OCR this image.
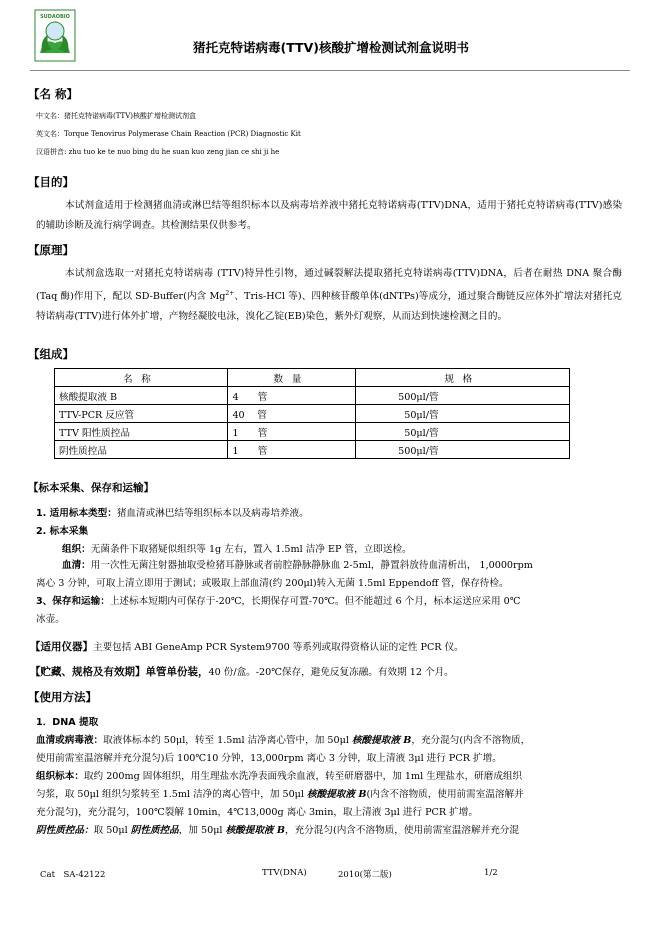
SUDAOBIO
猪托克特诺病毒(TTV)核酸扩增检测试剂盒说明书
【名 称】
中文名：猪托克特诺病毒(TTV)核酸扩增检测试剂盒
英文名：Torque Tenovirus Polymerase Chain Reaction (PCR) Diagnostic Kit
汉语拼音: zhu tuo ke te nuo bing du he suan kuo zeng jian ce shi ji he
【目的】
本试剂盒适用于检测猪血清或淋巴结等组织标本以及病毒培养液中猪托克特诺病毒(TTV)DNA，适用于猪托克特诺病毒(TTV)感染的辅助诊断及流行病学调查。其检测结果仅供参考。
【原理】
本试剂盒选取一对猪托克特诺病毒 (TTV)特异性引物，通过碱裂解法提取猪托克特诺病毒(TTV)DNA，后者在耐热 DNA 聚合酶(Taq 酶)作用下，配以 SD-Buffer(内含 $Mg^{2+}$、Tris-HCl 等)、四种核苷酸单体(dNTPs)等成分，通过聚合酶链反应体外扩增法对猪托克特诺病毒(TTV)进行体外扩增，产物经凝胶电泳，溴化乙锭(EB)染色，紫外灯观察，从而达到快速检测之目的。
【组成】
名称	数量	规格
核酸提取液 B	4　　管	500μl/管
TTV-PCR 反应管	40　 管	50μl/管
TTV 阳性质控品	1　　管	50μl/管
阴性质控品	1　　管	500μl/管
【标本采集、保存和运输】
1. 适用标本类型：猪血清或淋巴结等组织标本以及病毒培养液。
2. 标本采集
组织：无菌条件下取猪疑似组织等 1g 左右，置入 1.5ml 洁净 EP 管，立即送检。
血清：用一次性无菌注射器抽取受检猪耳静脉或者前腔静脉静脉血 2-5ml，静置斜放待血清析出， 1,0000rpm
离心 3 分钟，可取上清立即用于测试；或吸取上部血清(约 200μl)转入无菌 1.5ml Eppendoff 管，保存待检。
3、保存和运输：上述标本短期内可保存于-20℃，长期保存可置-70℃。但不能超过 6 个月，标本运送应采用 0℃
冰壶。
【适用仪器】主要包括 ABI GeneAmp PCR System9700 等系列或取得资格认证的定性 PCR 仪。
【贮藏、规格及有效期】单管单份装，40 份/盒。-20℃保存，避免反复冻融。有效期 12 个月。
【使用方法】
1．DNA 提取
血清或病毒液：取液体标本约 50μl，转至 1.5ml 洁净离心管中，加 50μl 核酸提取液 B，充分混匀(内含不溶物质，
使用前需室温溶解并充分混匀)后 100℃10 分钟，13,000rpm 离心 3 分钟，取上清液 3μl 进行 PCR 扩增。
组织标本：取约 200mg 固体组织，用生理盐水洗净表面残余血液，转至研磨器中，加 1ml 生理盐水，研磨成组织
匀浆，取 50μl 组织匀浆转至 1.5ml 洁净的离心管中，加 50μl 核酸提取液 B(内含不溶物质，使用前需室温溶解并
充分混匀)，充分混匀，100℃裂解 10min，4℃13,000g 离心 3min，取上清液 3μl 进行 PCR 扩增。
阴性质控品：取 50μl 阴性质控品，加 50μl 核酸提取液 B，充分混匀(内含不溶物质，使用前需室温溶解并充分混
Cat　SA-42122	TTV(DNA)	2010(第二版)	1/2
